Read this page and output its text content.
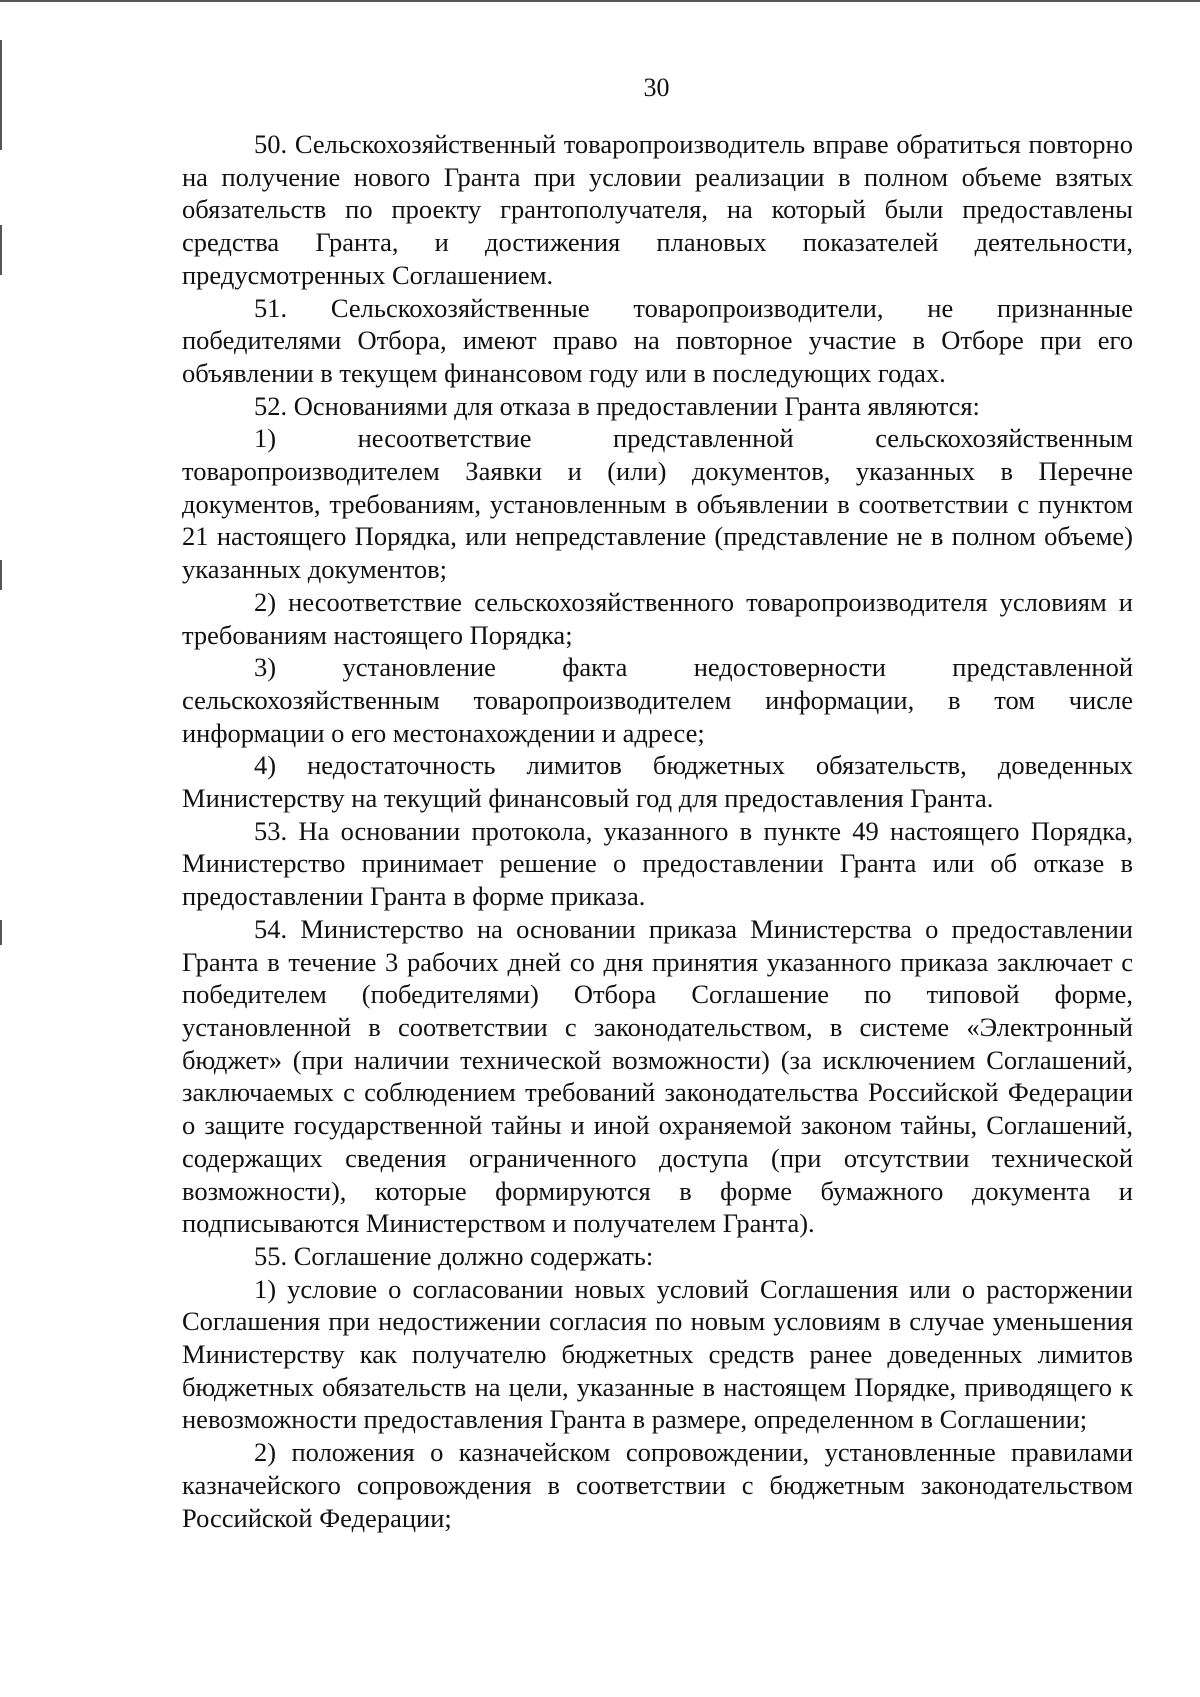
30

50. Сельскохозяйственный товаропроизводитель вправе обратиться повторно на получение нового Гранта при условии реализации в полном объеме взятых обязательств по проекту грантополучателя, на который были предоставлены средства Гранта, и достижения плановых показателей деятельности, предусмотренных Соглашением.

51. Сельскохозяйственные товаропроизводители, не признанные победителями Отбора, имеют право на повторное участие в Отборе при его объявлении в текущем финансовом году или в последующих годах.

52. Основаниями для отказа в предоставлении Гранта являются:

1) несоответствие представленной сельскохозяйственным товаропроизводителем Заявки и (или) документов, указанных в Перечне документов, требованиям, установленным в объявлении в соответствии с пунктом 21 настоящего Порядка, или непредставление (представление не в полном объеме) указанных документов;

2) несоответствие сельскохозяйственного товаропроизводителя условиям и требованиям настоящего Порядка;

3) установление факта недостоверности представленной сельскохозяйственным товаропроизводителем информации, в том числе информации о его местонахождении и адресе;

4) недостаточность лимитов бюджетных обязательств, доведенных Министерству на текущий финансовый год для предоставления Гранта.

53. На основании протокола, указанного в пункте 49 настоящего Порядка, Министерство принимает решение о предоставлении Гранта или об отказе в предоставлении Гранта в форме приказа.

54. Министерство на основании приказа Министерства о предоставлении Гранта в течение 3 рабочих дней со дня принятия указанного приказа заключает с победителем (победителями) Отбора Соглашение по типовой форме, установленной в соответствии с законодательством, в системе «Электронный бюджет» (при наличии технической возможности) (за исключением Соглашений, заключаемых с соблюдением требований законодательства Российской Федерации о защите государственной тайны и иной охраняемой законом тайны, Соглашений, содержащих сведения ограниченного доступа (при отсутствии технической возможности), которые формируются в форме бумажного документа и подписываются Министерством и получателем Гранта).

55. Соглашение должно содержать:

1) условие о согласовании новых условий Соглашения или о расторжении Соглашения при недостижении согласия по новым условиям в случае уменьшения Министерству как получателю бюджетных средств ранее доведенных лимитов бюджетных обязательств на цели, указанные в настоящем Порядке, приводящего к невозможности предоставления Гранта в размере, определенном в Соглашении;

2) положения о казначейском сопровождении, установленные правилами казначейского сопровождения в соответствии с бюджетным законодательством Российской Федерации;
